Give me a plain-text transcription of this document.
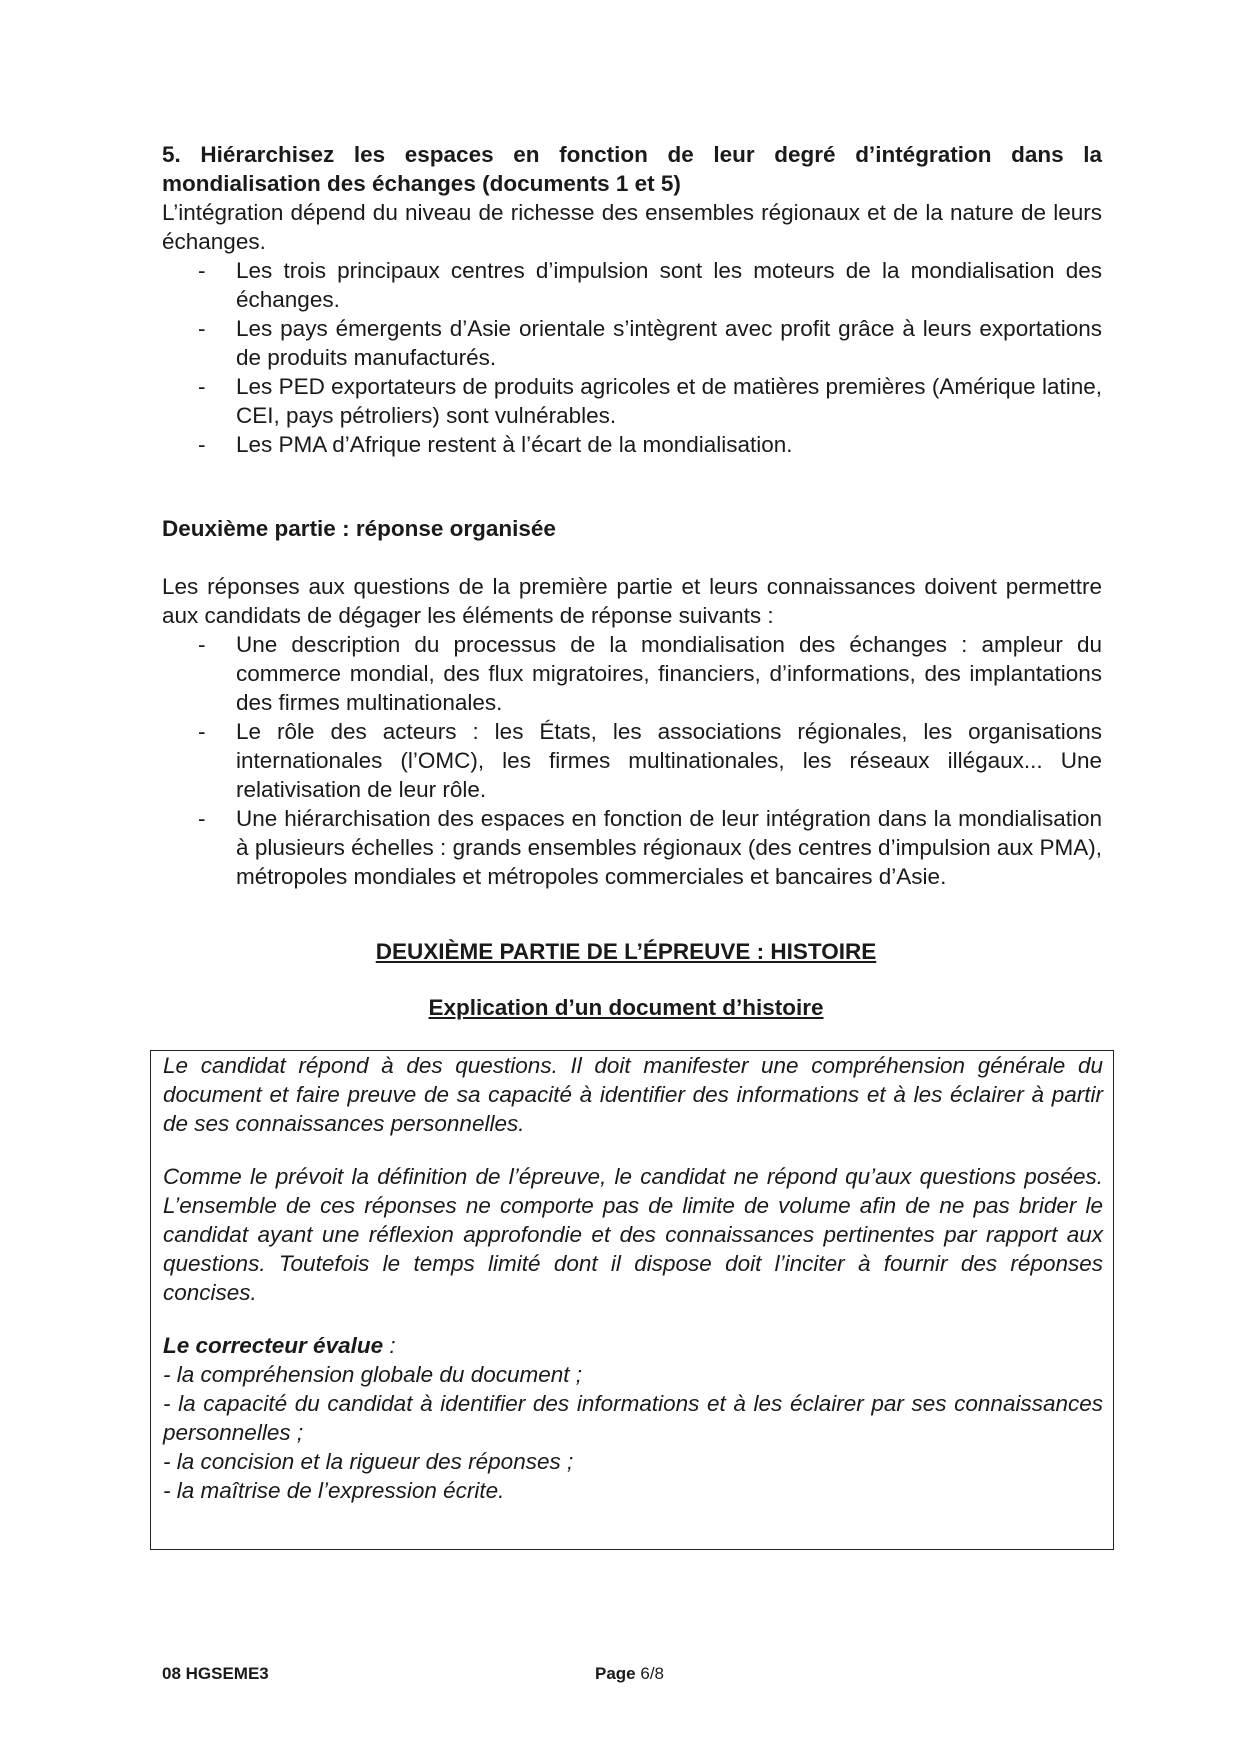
5. Hiérarchisez les espaces en fonction de leur degré d’intégration dans la mondialisation des échanges (documents 1 et 5)
L’intégration dépend du niveau de richesse des ensembles régionaux et de la nature de leurs échanges.
- Les trois principaux centres d’impulsion sont les moteurs de la mondialisation des échanges.
- Les pays émergents d’Asie orientale s’intègrent avec profit grâce à leurs exportations de produits manufacturés.
- Les PED exportateurs de produits agricoles et de matières premières (Amérique latine, CEI, pays pétroliers) sont vulnérables.
- Les PMA d’Afrique restent à l’écart de la mondialisation.
Deuxième partie : réponse organisée
Les réponses aux questions de la première partie et leurs connaissances doivent permettre aux candidats de dégager les éléments de réponse suivants :
- Une description du processus de la mondialisation des échanges : ampleur du commerce mondial, des flux migratoires, financiers, d’informations, des implantations des firmes multinationales.
- Le rôle des acteurs : les États, les associations régionales, les organisations internationales (l’OMC), les firmes multinationales, les réseaux illégaux... Une relativisation de leur rôle.
- Une hiérarchisation des espaces en fonction de leur intégration dans la mondialisation à plusieurs échelles : grands ensembles régionaux (des centres d’impulsion aux PMA), métropoles mondiales et métropoles commerciales et bancaires d’Asie.
DEUXIÈME PARTIE DE L’ÉPREUVE : HISTOIRE
Explication d’un document d’histoire
Le candidat répond à des questions. Il doit manifester une compréhension générale du document et faire preuve de sa capacité à identifier des informations et à les éclairer à partir de ses connaissances personnelles.
Comme le prévoit la définition de l’épreuve, le candidat ne répond qu’aux questions posées. L’ensemble de ces réponses ne comporte pas de limite de volume afin de ne pas brider le candidat ayant une réflexion approfondie et des connaissances pertinentes par rapport aux questions. Toutefois le temps limité dont il dispose doit l’inciter à fournir des réponses concises.
Le correcteur évalue :
- la compréhension globale du document ;
- la capacité du candidat à identifier des informations et à les éclairer par ses connaissances personnelles ;
- la concision et la rigueur des réponses ;
- la maîtrise de l’expression écrite.
08 HGSEME3	Page 6/8
